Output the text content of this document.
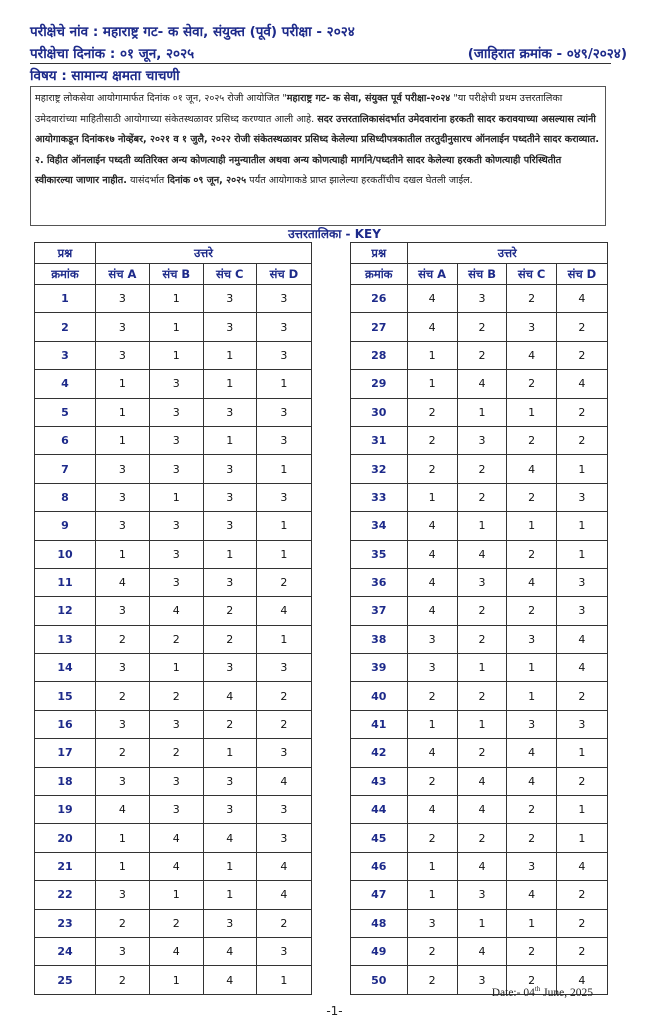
परीक्षेचे नांव : महाराष्ट्र गट- क सेवा, संयुक्त (पूर्व) परीक्षा - २०२४
परीक्षेचा दिनांक : ०१ जून, २०२५	(जाहिरात क्रमांक - ०४९/२०२४)
विषय : सामान्य क्षमता चाचणी

महाराष्ट्र लोकसेवा आयोगामार्फत दिनांक ०१ जून, २०२५ रोजी आयोजित "महाराष्ट्र गट- क सेवा, संयुक्त पूर्व परीक्षा-२०२४ "या परीक्षेची प्रथम उत्तरतालिका उमेदवारांच्या माहितीसाठी आयोगाच्या संकेतस्थळावर प्रसिध्द करण्यात आली आहे. सदर उत्तरतालिकासंदर्भात उमेदवारांना हरकती सादर करावयाच्या असल्यास त्यांनी आयोगाकडून दिनांक१७ नोव्हेंबर, २०२१ व १ जुलै, २०२२ रोजी संकेतस्थळावर प्रसिध्द केलेल्या प्रसिध्दीपत्रकातील तरतुदीनुसारच ऑनलाईन पध्दतीने सादर कराव्यात.

२. विहीत ऑनलाईन पध्दती व्यतिरिक्त अन्य कोणत्याही नमुन्यातील अथवा अन्य कोणत्याही मार्गाने/पध्दतीने सादर केलेल्या हरकती कोणत्याही परिस्थितीत स्वीकारल्या जाणार नाहीत. यासंदर्भात दिनांक ०९ जून, २०२५ पर्यंत आयोगाकडे प्राप्त झालेल्या हरकतींचीच दखल घेतली जाईल.

उत्तरतालिका - KEY
प्रश्न	उत्तरे			
क्रमांक	संच A	संच B	संच C	संच D
1	3	1	3	3
2	3	1	3	3
3	3	1	1	3
4	1	3	1	1
5	1	3	3	3
6	1	3	1	3
7	3	3	3	1
8	3	1	3	3
9	3	3	3	1
10	1	3	1	1
11	4	3	3	2
12	3	4	2	4
13	2	2	2	1
14	3	1	3	3
15	2	2	4	2
16	3	3	2	2
17	2	2	1	3
18	3	3	3	4
19	4	3	3	3
20	1	4	4	3
21	1	4	1	4
22	3	1	1	4
23	2	2	3	2
24	3	4	4	3
25	2	1	4	1
प्रश्न	उत्तरे			
क्रमांक	संच A	संच B	संच C	संच D
26	4	3	2	4
27	4	2	3	2
28	1	2	4	2
29	1	4	2	4
30	2	1	1	2
31	2	3	2	2
32	2	2	4	1
33	1	2	2	3
34	4	1	1	1
35	4	4	2	1
36	4	3	4	3
37	4	2	2	3
38	3	2	3	4
39	3	1	1	4
40	2	2	1	2
41	1	1	3	3
42	4	2	4	1
43	2	4	4	2
44	4	4	2	1
45	2	2	2	1
46	1	4	3	4
47	1	3	4	2
48	3	1	1	2
49	2	4	2	2
50	2	3	2	4
Date:- 04th June, 2025
-1-
